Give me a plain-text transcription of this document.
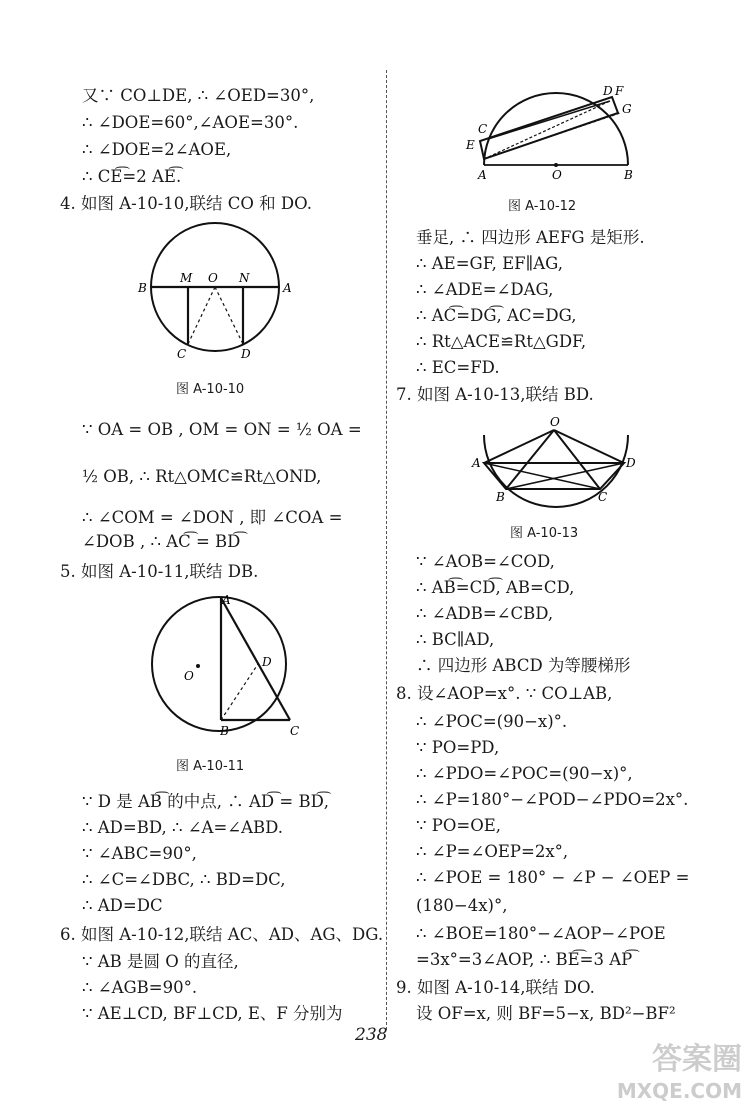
又∵ CO⊥DE, ∴ ∠OED=30°,
∴ ∠DOE=60°,∠AOE=30°.
∴ ∠DOE=2∠AOE,
∴ CE͡=2 AE͡.
4. 如图 A-10-10,联结 CO 和 DO.
B
M O N
A
C	D
图 A-10-10
∵ OA = OB , OM = ON = ½ OA =
½ OB, ∴ Rt△OMC≌Rt△OND,
∴ ∠COM = ∠DON , 即 ∠COA =
∠DOB , ∴ AC͡ = BD͡
5. 如图 A-10-11,联结 DB.
A
O
D
B	C
图 A-10-11
∵ D 是 AB͡ 的中点, ∴ AD͡ = BD͡,
∴ AD=BD, ∴ ∠A=∠ABD.
∵ ∠ABC=90°,
∴ ∠C=∠DBC, ∴ BD=DC,
∴ AD=DC
6. 如图 A-10-12,联结 AC、AD、AG、DG.
∵ AB 是圆 O 的直径,
∴ ∠AGB=90°.
∵ AE⊥CD, BF⊥CD, E、F 分别为
D F
G
C
E
A	O	B
图 A-10-12
垂足, ∴ 四边形 AEFG 是矩形.
∴ AE=GF, EF∥AG,
∴ ∠ADE=∠DAG,
∴ AC͡=DG͡, AC=DG,
∴ Rt△ACE≌Rt△GDF,
∴ EC=FD.
7. 如图 A-10-13,联结 BD.
O
A	D
B	C
图 A-10-13
∵ ∠AOB=∠COD,
∴ AB͡=CD͡, AB=CD,
∴ ∠ADB=∠CBD,
∴ BC∥AD,
∴ 四边形 ABCD 为等腰梯形
8. 设∠AOP=x°. ∵ CO⊥AB,
∴ ∠POC=(90−x)°.
∵ PO=PD,
∴ ∠PDO=∠POC=(90−x)°,
∴ ∠P=180°−∠POD−∠PDO=2x°.
∵ PO=OE,
∴ ∠P=∠OEP=2x°,
∴ ∠POE = 180° − ∠P − ∠OEP =
(180−4x)°,
∴ ∠BOE=180°−∠AOP−∠POE
=3x°=3∠AOP, ∴ BE͡=3 AP͡
9. 如图 A-10-14,联结 DO.
设 OF=x, 则 BF=5−x, BD²−BF²
238
答案圈
MXQE.COM
